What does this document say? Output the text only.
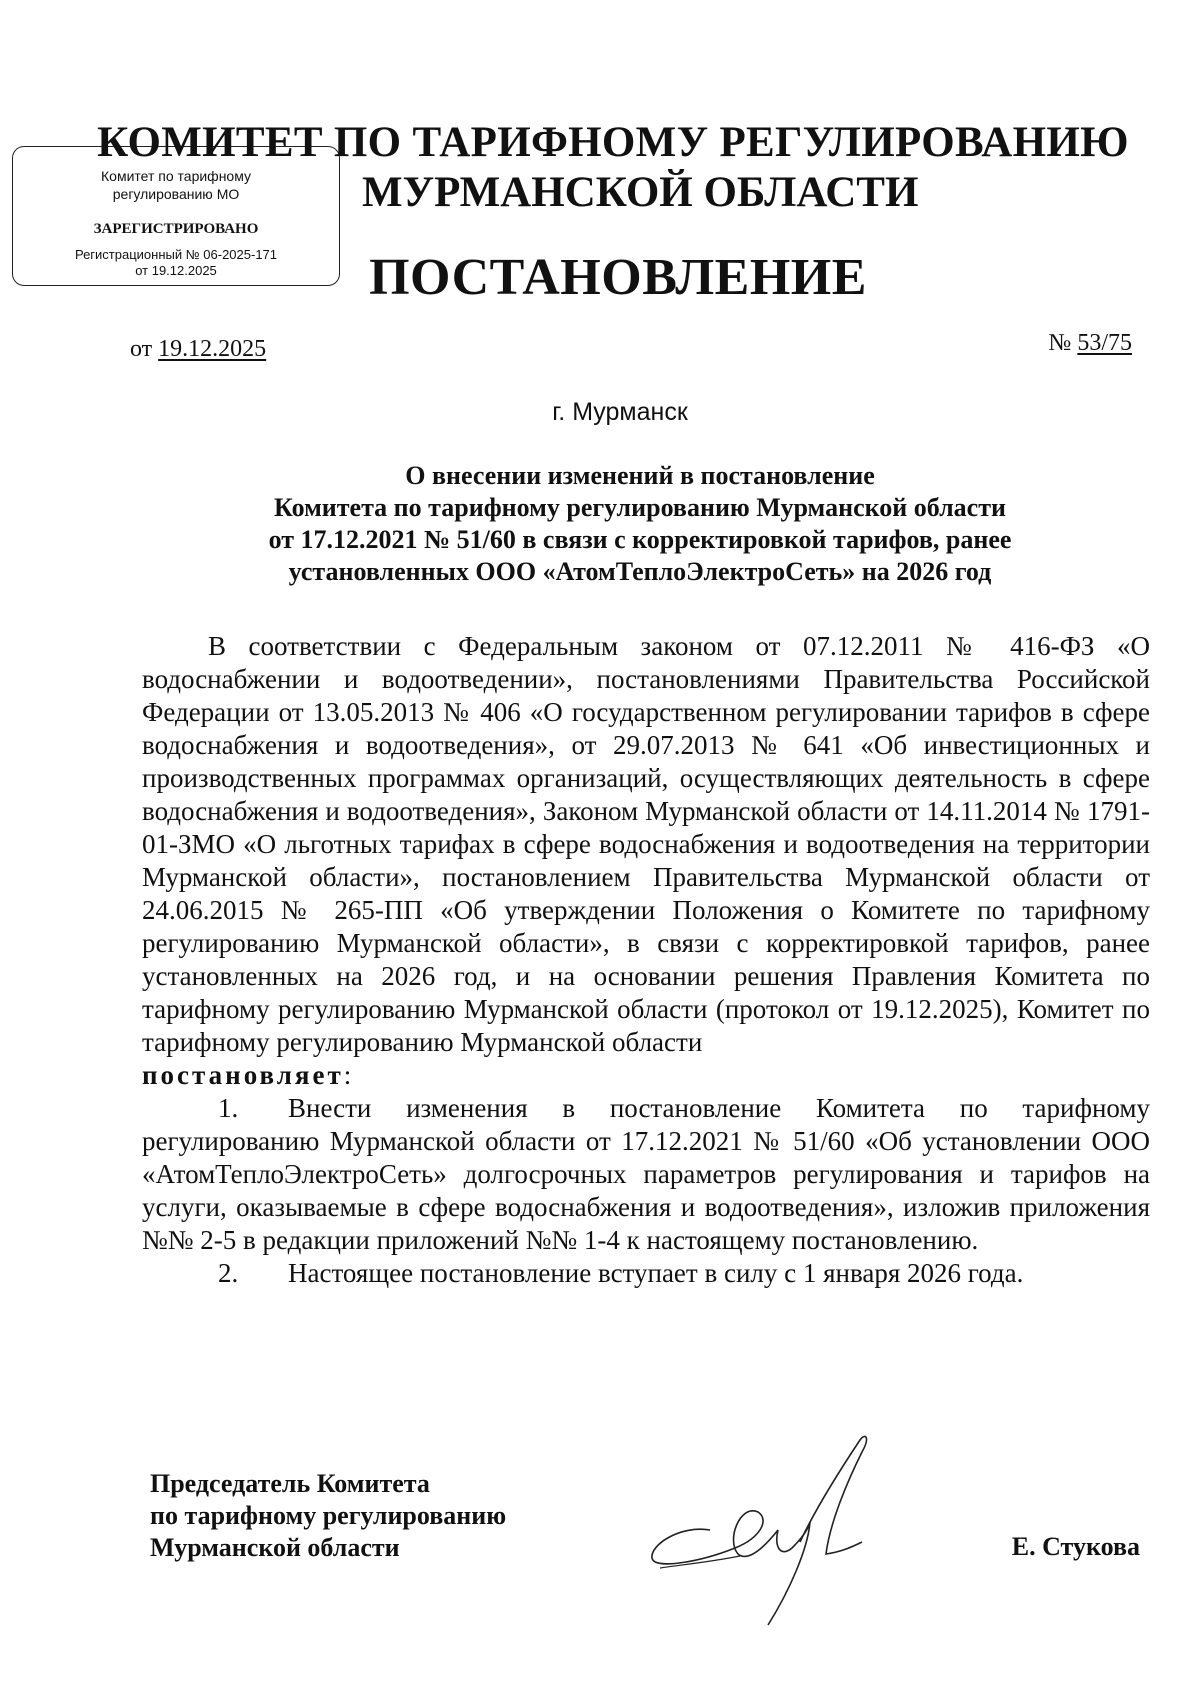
Комитет по тарифному
регулированию МО
ЗАРЕГИСТРИРОВАНО
Регистрационный № 06-2025-171
от 19.12.2025
КОМИТЕТ ПО ТАРИФНОМУ РЕГУЛИРОВАНИЮ
МУРМАНСКОЙ ОБЛАСТИ
ПОСТАНОВЛЕНИЕ
от 19.12.2025	№ 53/75
г. Мурманск
О внесении изменений в постановление
Комитета по тарифному регулированию Мурманской области
от 17.12.2021 № 51/60 в связи с корректировкой тарифов, ранее
установленных ООО «АтомТеплоЭлектроСеть» на 2026 год

В соответствии с Федеральным законом от 07.12.2011 № 416-ФЗ «О водоснабжении и водоотведении», постановлениями Правительства Российской Федерации от 13.05.2013 № 406 «О государственном регулировании тарифов в сфере водоснабжения и водоотведения», от 29.07.2013 № 641 «Об инвестиционных и производственных программах организаций, осуществляющих деятельность в сфере водоснабжения и водоотведения», Законом Мурманской области от 14.11.2014 № 1791-01-ЗМО «О льготных тарифах в сфере водоснабжения и водоотведения на территории Мурманской области», постановлением Правительства Мурманской области от 24.06.2015 № 265-ПП «Об утверждении Положения о Комитете по тарифному регулированию Мурманской области», в связи с корректировкой тарифов, ранее установленных на 2026 год, и на основании решения Правления Комитета по тарифному регулированию Мурманской области (протокол от 19.12.2025), Комитет по тарифному регулированию Мурманской области

постановляет:

1. Внести изменения в постановление Комитета по тарифному регулированию Мурманской области от 17.12.2021 № 51/60 «Об установлении ООО «АтомТеплоЭлектроСеть» долгосрочных параметров регулирования и тарифов на услуги, оказываемые в сфере водоснабжения и водоотведения», изложив приложения №№ 2-5 в редакции приложений №№ 1-4 к настоящему постановлению.

2. Настоящее постановление вступает в силу с 1 января 2026 года.

Председатель Комитета
по тарифному регулированию
Мурманской области	Е. Стукова
